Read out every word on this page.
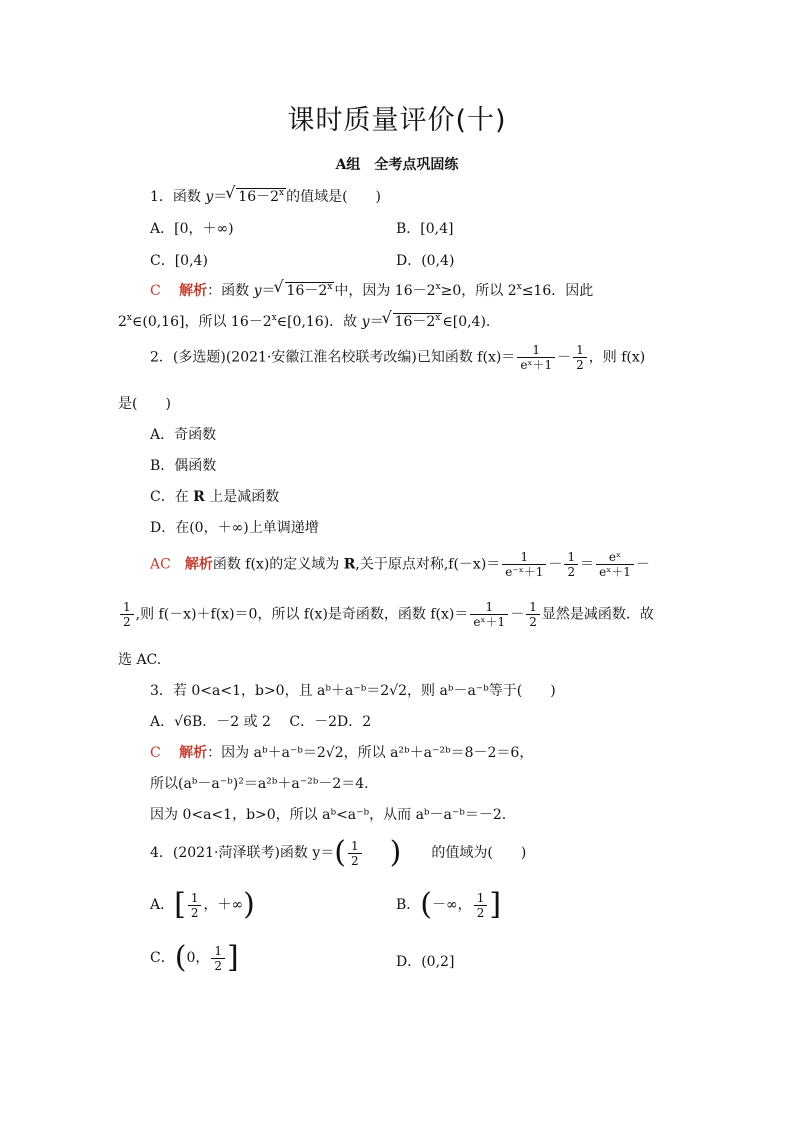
课时质量评价(十)
A组　全考点巩固练
1．函数 y＝ √ $16-2^x$ 的值域是(　　)
A．[0，＋∞)	B．[0,4]
C．[0,4)	D．(0,4)
C　 解析：函数 y＝ √ $16-2^x$ 中，因为 $16-2^x\ge 0$，所以 $2^x\le 16$．因此
2$^x$∈(0,16]，所以 $16-2^x\in[0,16)$．故 y＝ √ $16-2^x$ ∈[0,4).
2．(多选题)(2021·安徽江淮名校联考改编)已知函数 $f(x)= \frac{1}{\text{eˣ＋1}} - \frac{1}{2}$ ，则 f(x)
是(　　)
A．奇函数
B．偶函数
C．在 R 上是减函数
D．在(0，＋∞)上单调递增
AC　 解析函数 f(x)的定义域为 R,关于原点对称$,f(-x)= \frac{1}{\text{e⁻ˣ＋1}} - \frac{1}{2} = \frac{\text{eˣ}}{\text{eˣ＋1}}$ －
$\frac{1}{2}$ ,则 f(－x)＋f(x)＝0，所以 f(x)是奇函数，函数 $f(x)= \frac{1}{\text{eˣ＋1}} - \frac{1}{2}$ 显然是减函数．故
选 AC.
3．若 0<a<1，b>0，且 aᵇ＋a⁻ᵇ＝2√2，则 aᵇ－a⁻ᵇ等于(　　)
A．√6B．－2 或 2　 C．－2D．2
C　 解析：因为 aᵇ＋a⁻ᵇ＝2√2，所以 a²ᵇ＋a⁻²ᵇ＝8－2＝6，
所以(aᵇ－a⁻ᵇ)²＝a²ᵇ＋a⁻²ᵇ－2＝4.
因为 0<a<1，b>0，所以 aᵇ<a⁻ᵇ，从而 aᵇ－a⁻ᵇ＝－2.
4．(2021·菏泽联考)函数 $y=( \frac{1}{2}$ ) 的值域为(　　)
A．[ $\frac{1}{2}$ ，＋∞)	B．(－∞， $\frac{1}{2}$ ]
C．(0， $\frac{1}{2}$ ]	D．(0,2]
